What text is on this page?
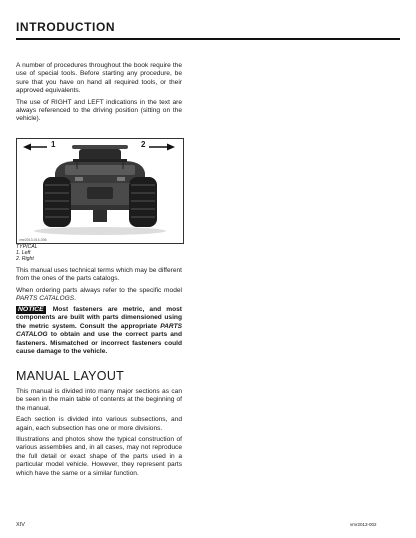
INTRODUCTION

A number of procedures throughout the book require the use of special tools. Before starting any procedure, be sure that you have on hand all required tools, or their approved equivalents.

The use of RIGHT and LEFT indications in the text are always referenced to the driving position (sitting on the vehicle).

1	2
vmr2013-014-006
TYPICAL
1. Left
2. Right

This manual uses technical terms which may be different from the ones of the parts catalogs.

When ordering parts always refer to the specific model PARTS CATALOGS.

NOTICE Most fasteners are metric, and most components are built with parts dimensioned using the metric system. Consult the appropriate PARTS CATALOG to obtain and use the correct parts and fasteners. Mismatched or incorrect fasteners could cause damage to the vehicle.

MANUAL LAYOUT

This manual is divided into many major sections as can be seen in the main table of contents at the beginning of the manual.

Each section is divided into various subsections, and again, each subsection has one or more divisions.

Illustrations and photos show the typical construction of various assemblies and, in all cases, may not reproduce the full detail or exact shape of the parts used in a particular model vehicle. However, they represent parts which have the same or a similar function.

XIV	vmr2013-002
